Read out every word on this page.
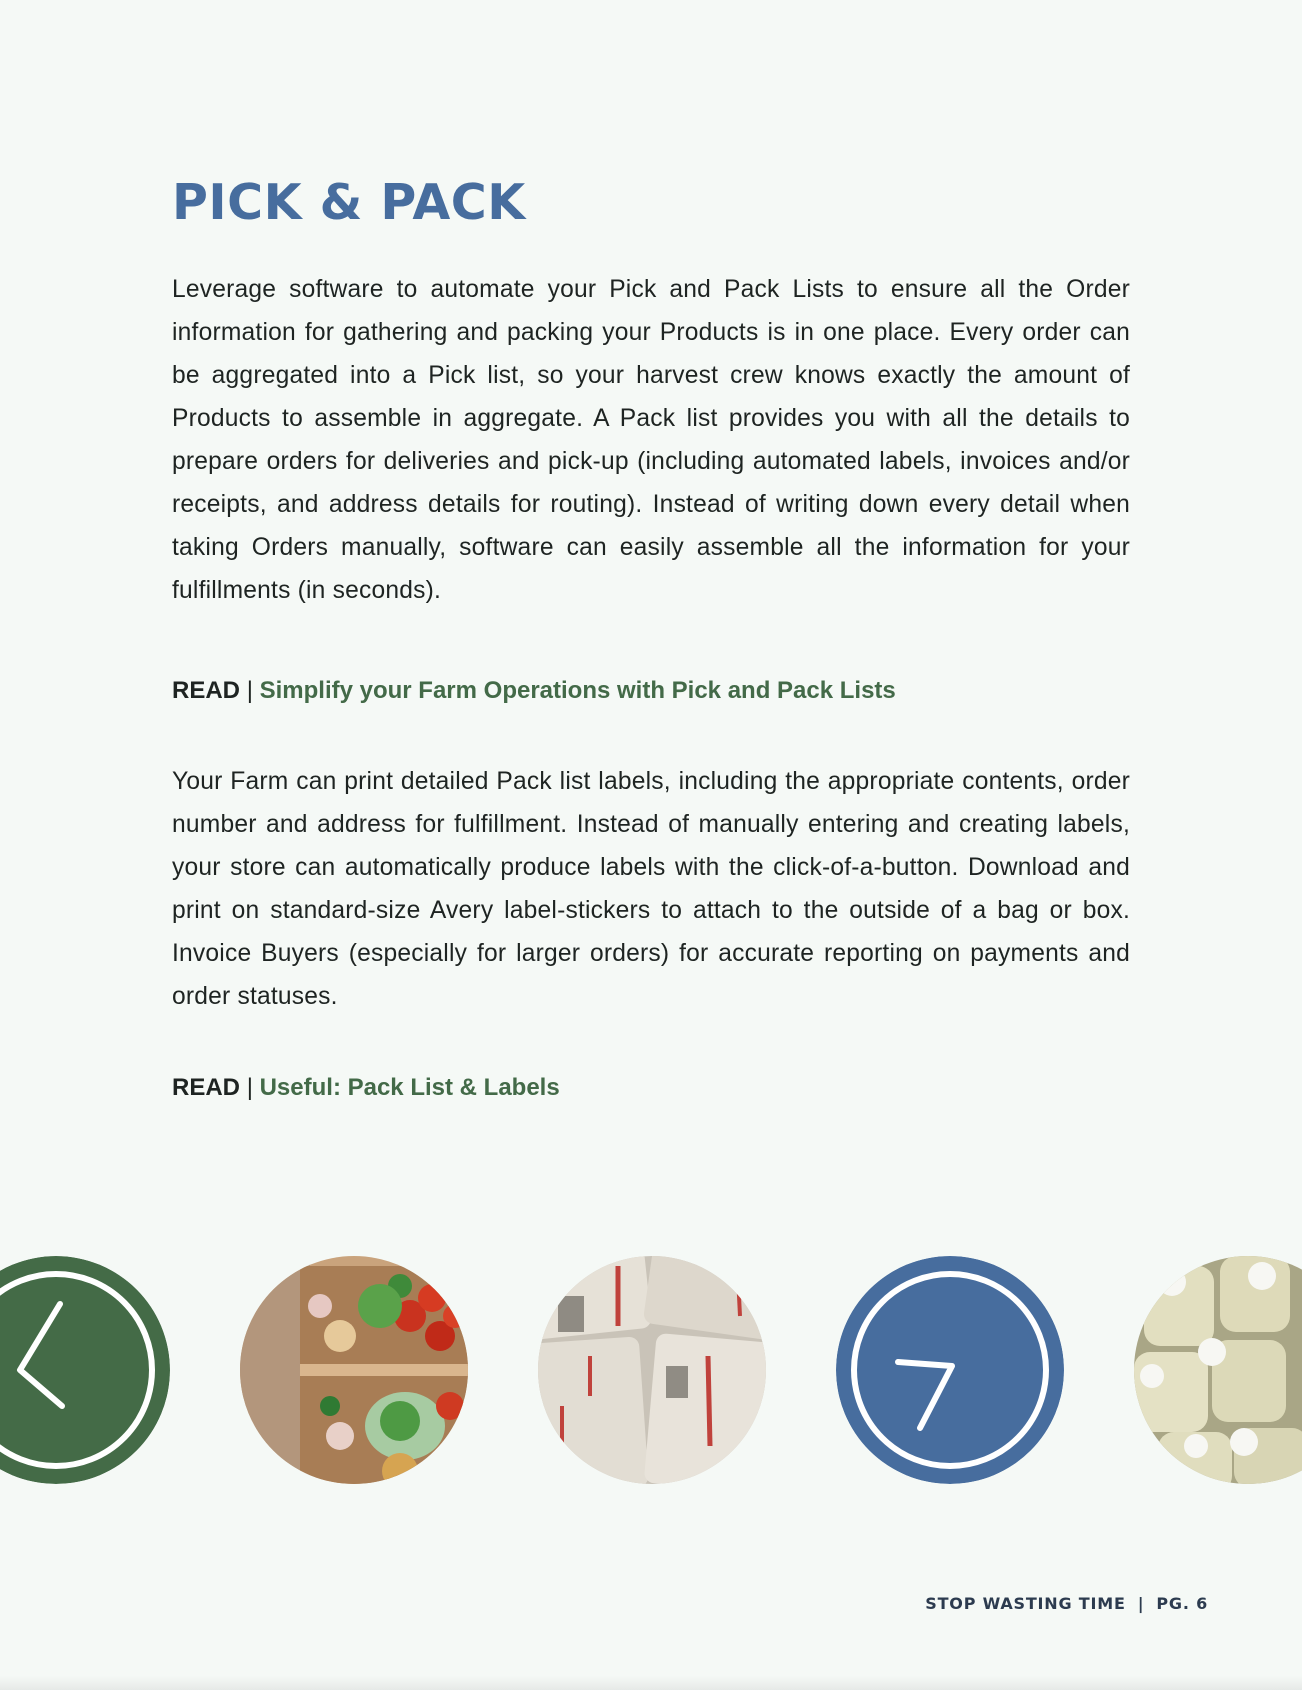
PICK & PACK

Leverage software to automate your Pick and Pack Lists to ensure all the Order information for gathering and packing your Products is in one place. Every order can be aggregated into a Pick list, so your harvest crew knows exactly the amount of Products to assemble in aggregate. A Pack list provides you with all the details to prepare orders for deliveries and pick-up (including automated labels, invoices and/or receipts, and address details for routing). Instead of writing down every detail when taking Orders manually, software can easily assemble all the information for your fulfillments (in seconds).

READ | Simplify your Farm Operations with Pick and Pack Lists

Your Farm can print detailed Pack list labels, including the appropriate contents, order number and address for fulfillment. Instead of manually entering and creating labels, your store can automatically produce labels with the click-of-a-button. Download and print on standard-size Avery label-stickers to attach to the outside of a bag or box. Invoice Buyers (especially for larger orders) for accurate reporting on payments and order statuses.

READ | Useful: Pack List & Labels

STOP WASTING TIME | PG. 6
